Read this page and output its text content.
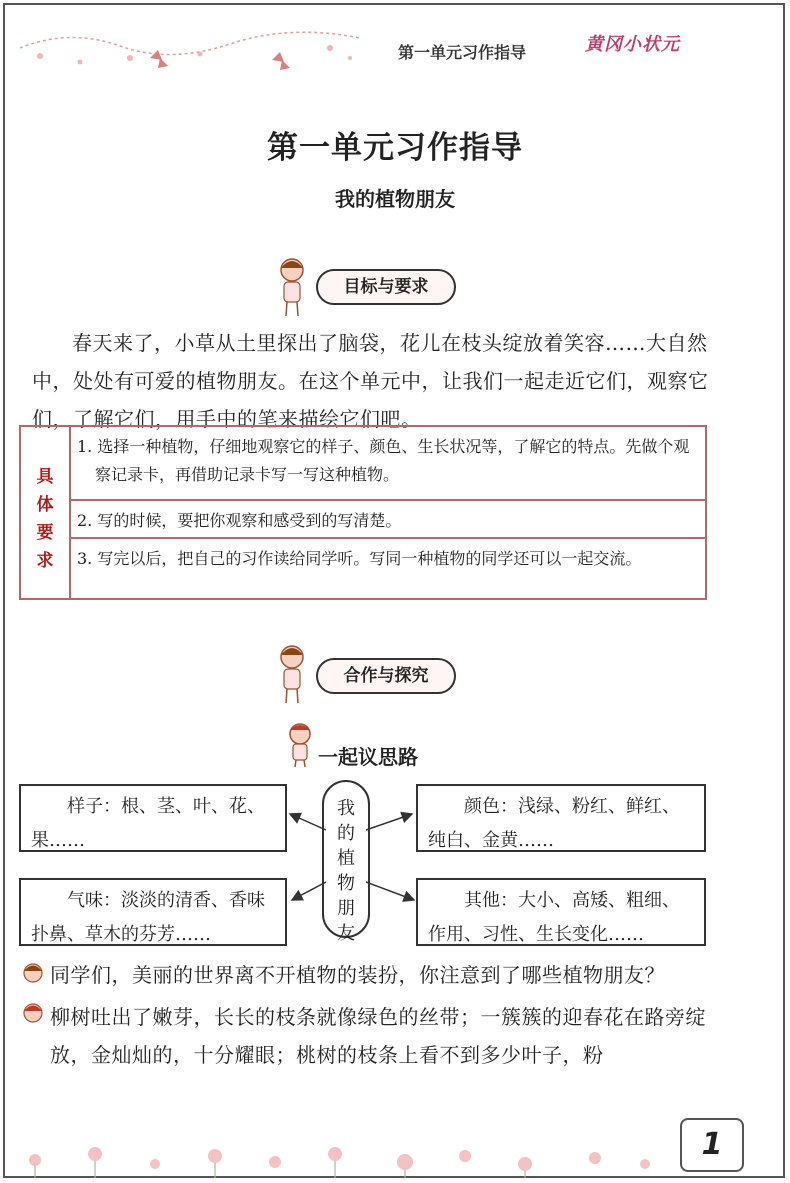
第一单元习作指导	黄冈小状元
第一单元习作指导
我的植物朋友
目标与要求
春天来了，小草从土里探出了脑袋，花儿在枝头绽放着笑容……大自然中，处处有可爱的植物朋友。在这个单元中，让我们一起走近它们，观察它们，了解它们，用手中的笔来描绘它们吧。
具体要求
1. 选择一种植物，仔细地观察它的样子、颜色、生长状况等，了解它的特点。先做个观察记录卡，再借助记录卡写一写这种植物。
2. 写的时候，要把你观察和感受到的写清楚。
3. 写完以后，把自己的习作读给同学听。写同一种植物的同学还可以一起交流。
合作与探究
一起议思路
样子：根、茎、叶、花、果……
颜色：浅绿、粉红、鲜红、纯白、金黄……
气味：淡淡的清香、香味扑鼻、草木的芬芳……
其他：大小、高矮、粗细、作用、习性、生长变化……
我的植物朋友
同学们，美丽的世界离不开植物的装扮，你注意到了哪些植物朋友？
柳树吐出了嫩芽，长长的枝条就像绿色的丝带；一簇簇的迎春花在路旁绽放，金灿灿的，十分耀眼；桃树的枝条上看不到多少叶子，粉
1
